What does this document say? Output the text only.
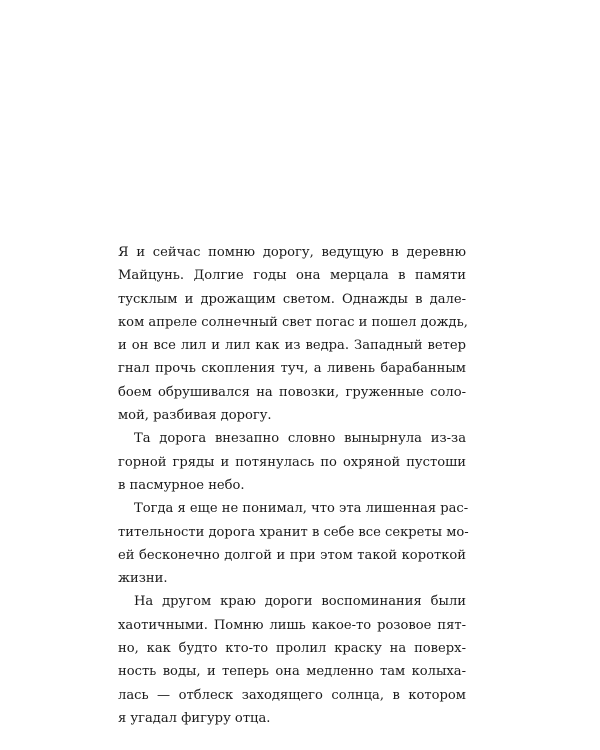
Я и сейчас помню дорогу, ведущую в деревню
Майцунь. Долгие годы она мерцала в памяти
тусклым и дрожащим светом. Однажды в дале-
ком апреле солнечный свет погас и пошел дождь,
и он все лил и лил как из ведра. Западный ветер
гнал прочь скопления туч, а ливень барабанным
боем обрушивался на повозки, груженные соло-
мой, разбивая дорогу.

Та дорога внезапно словно вынырнула из-за
горной гряды и потянулась по охряной пустоши
в пасмурное небо.

Тогда я еще не понимал, что эта лишенная рас-
тительности дорога хранит в себе все секреты мо-
ей бесконечно долгой и при этом такой короткой
жизни.

На другом краю дороги воспоминания были
хаотичными. Помню лишь какое-то розовое пят-
но, как будто кто-то пролил краску на поверх-
ность воды, и теперь она медленно там колыха-
лась — отблеск заходящего солнца, в котором
я угадал фигуру отца.
